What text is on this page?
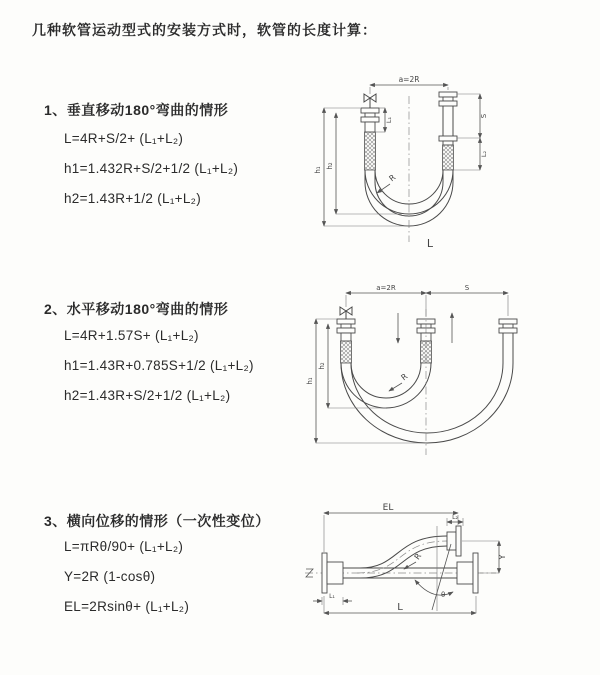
几种软管运动型式的安装方式时，软管的长度计算：
1、垂直移动180°弯曲的情形
L=4R+S/2+ (L₁+L₂)
h1=1.432R+S/2+1/2 (L₁+L₂)
h2=1.43R+1/2 (L₁+L₂)
2、水平移动180°弯曲的情形
L=4R+1.57S+ (L₁+L₂)
h1=1.43R+0.785S+1/2 (L₁+L₂)
h2=1.43R+S/2+1/2 (L₁+L₂)
3、横向位移的情形（一次性变位）
L=πRθ/90+ (L₁+L₂)
Y=2R (1-cosθ)
EL=2Rsinθ+ (L₁+L₂)
a=2R
h₁
h₂
L₁
S
L₂
R
L
a=2R	S
h₁
h₂
R
EL
L₂
θ
R	Y
L
L₁
